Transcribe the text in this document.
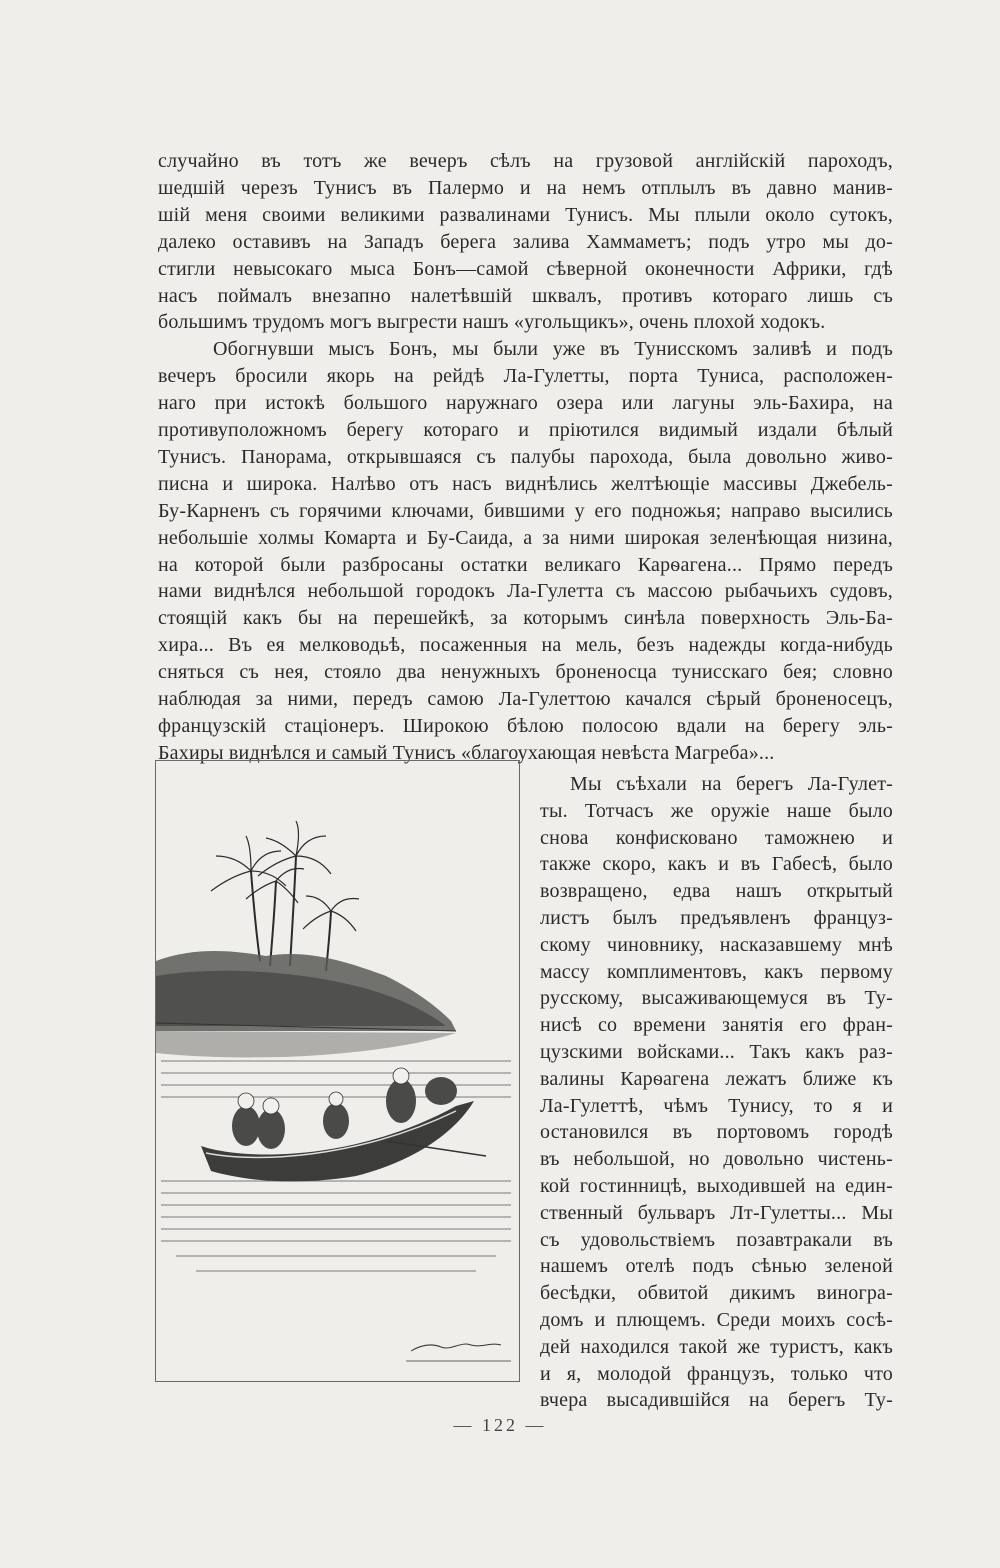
случайно въ тотъ же вечеръ сѣлъ на грузовой англійскій пароходъ,
шедшій черезъ Тунисъ въ Палермо и на немъ отплылъ въ давно манив-
шій меня своими великими развалинами Тунисъ. Мы плыли около сутокъ,
далеко оставивъ на Западъ берега залива Хаммаметъ; подъ утро мы до-
стигли невысокаго мыса Бонъ—самой сѣверной оконечности Африки, гдѣ
насъ поймалъ внезапно налетѣвшій шквалъ, противъ котораго лишь съ
большимъ трудомъ могъ выгрести нашъ «угольщикъ», очень плохой ходокъ.
Обогнувши мысъ Бонъ, мы были уже въ Тунисскомъ заливѣ и подъ
вечеръ бросили якорь на рейдѣ Ла-Гулетты, порта Туниса, расположен-
наго при истокѣ большого наружнаго озера или лагуны эль-Бахира, на
противуположномъ берегу котораго и пріютился видимый издали бѣлый
Тунисъ. Панорама, открывшаяся съ палубы парохода, была довольно живо-
писна и широка. Налѣво отъ насъ виднѣлись желтѣющіе массивы Джебель-
Бу-Карненъ съ горячими ключами, бившими у его подножья; направо высились
небольшіе холмы Комарта и Бу-Саида, а за ними широкая зеленѣющая низина,
на которой были разбросаны остатки великаго Карѳагена... Прямо передъ
нами виднѣлся небольшой городокъ Ла-Гулетта съ массою рыбачьихъ судовъ,
стоящій какъ бы на перешейкѣ, за которымъ синѣла поверхность Эль-Ба-
хира... Въ ея мелководьѣ, посаженныя на мель, безъ надежды когда-нибудь
сняться съ нея, стояло два ненужныхъ броненосца тунисскаго бея; словно
наблюдая за ними, передъ самою Ла-Гулеттою качался сѣрый броненосецъ,
французскій стаціонеръ. Широкою бѣлою полосою вдали на берегу эль-
Бахиры виднѣлся и самый Тунисъ «благоухающая невѣста Магреба»...
Мы съѣхали на берегъ Ла-Гулет-
ты. Тотчасъ же оружіе наше было
снова конфисковано таможнею и
также скоро, какъ и въ Габесѣ, было
возвращено, едва нашъ открытый
листъ былъ предъявленъ француз-
скому чиновнику, насказавшему мнѣ
массу комплиментовъ, какъ первому
русскому, высаживающемуся въ Ту-
нисѣ со времени занятія его фран-
цузскими войсками... Такъ какъ раз-
валины Карѳагена лежатъ ближе къ
Ла-Гулеттѣ, чѣмъ Тунису, то я и
остановился въ портовомъ городѣ
въ небольшой, но довольно чистень-
кой гостинницѣ, выходившей на един-
ственный бульваръ Лт-Гулетты... Мы
съ удовольствіемъ позавтракали въ
нашемъ отелѣ подъ сѣнью зеленой
бесѣдки, обвитой дикимъ виногра-
домъ и плющемъ. Среди моихъ сосѣ-
дей находился такой же туристъ, какъ
и я, молодой французъ, только что
вчера высадившійся на берегъ Ту-
— 122 —
